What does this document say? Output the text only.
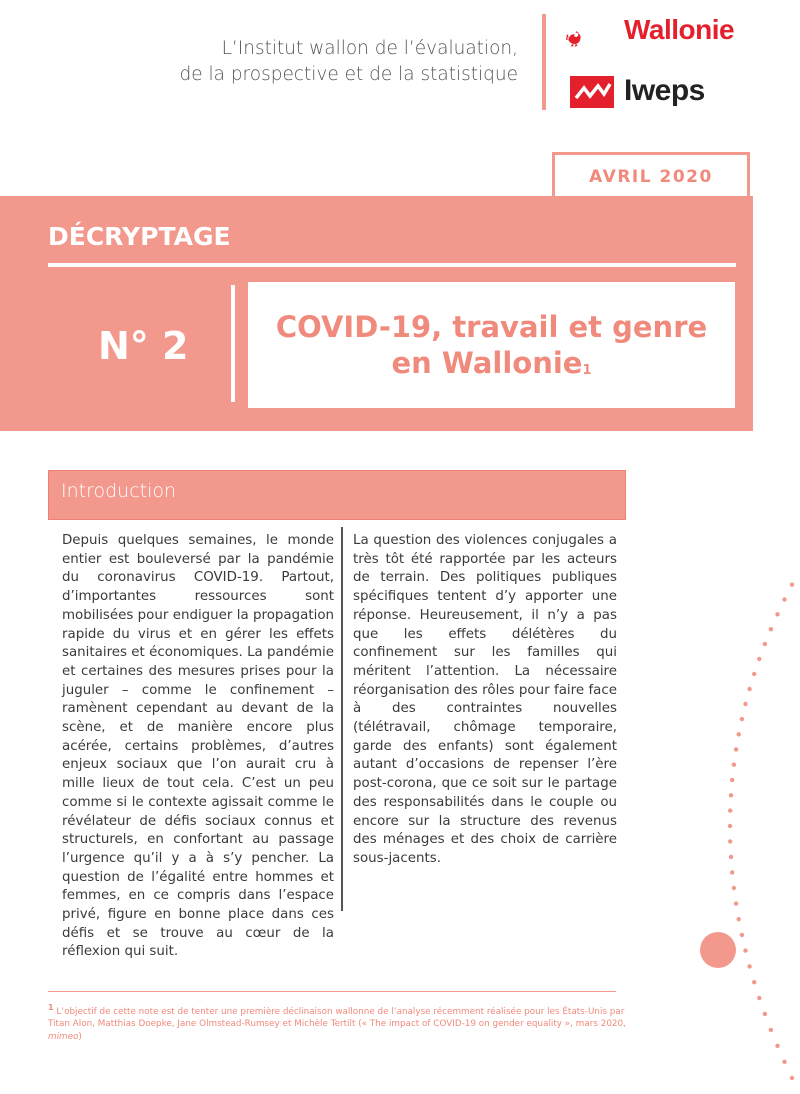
L’Institut wallon de l’évaluation,
de la prospective et de la statistique
Wallonie
Iweps
AVRIL 2020
DÉCRYPTAGE
N° 2	COVID-19, travail et genre
en Wallonie$^1$
Introduction
Depuis quelques semaines, le monde entier est bouleversé par la pandémie du coronavirus COVID-19. Partout, d’importantes ressources sont mobilisées pour endiguer la propagation rapide du virus et en gérer les effets sanitaires et économiques. La pandémie et certaines des mesures prises pour la juguler – comme le confinement – ramènent cependant au devant de la scène, et de manière encore plus acérée, certains problèmes, d’autres enjeux sociaux que l’on aurait cru à mille lieux de tout cela. C’est un peu comme si le contexte agissait comme le révélateur de défis sociaux connus et structurels, en confortant au passage l’urgence qu’il y a à s’y pencher. La question de l’égalité entre hommes et femmes, en ce compris dans l’espace privé, figure en bonne place dans ces défis et se trouve au cœur de la réflexion qui suit.
La question des violences conjugales a très tôt été rapportée par les acteurs de terrain. Des politiques publiques spécifiques tentent d’y apporter une réponse. Heureusement, il n’y a pas que les effets délétères du confinement sur les familles qui méritent l’attention. La nécessaire réorganisation des rôles pour faire face à des contraintes nouvelles (télétravail, chômage temporaire, garde des enfants) sont également autant d’occasions de repenser l’ère post-corona, que ce soit sur le partage des responsabilités dans le couple ou encore sur la structure des revenus des ménages et des choix de carrière sous-jacents.
$^1$ L’objectif de cette note est de tenter une première déclinaison wallonne de l’analyse récemment réalisée pour les États-Unis par Titan Alon, Matthias Doepke, Jane Olmstead-Rumsey et Michèle Tertilt (« The impact of COVID-19 on gender equality », mars 2020, mimeo)
